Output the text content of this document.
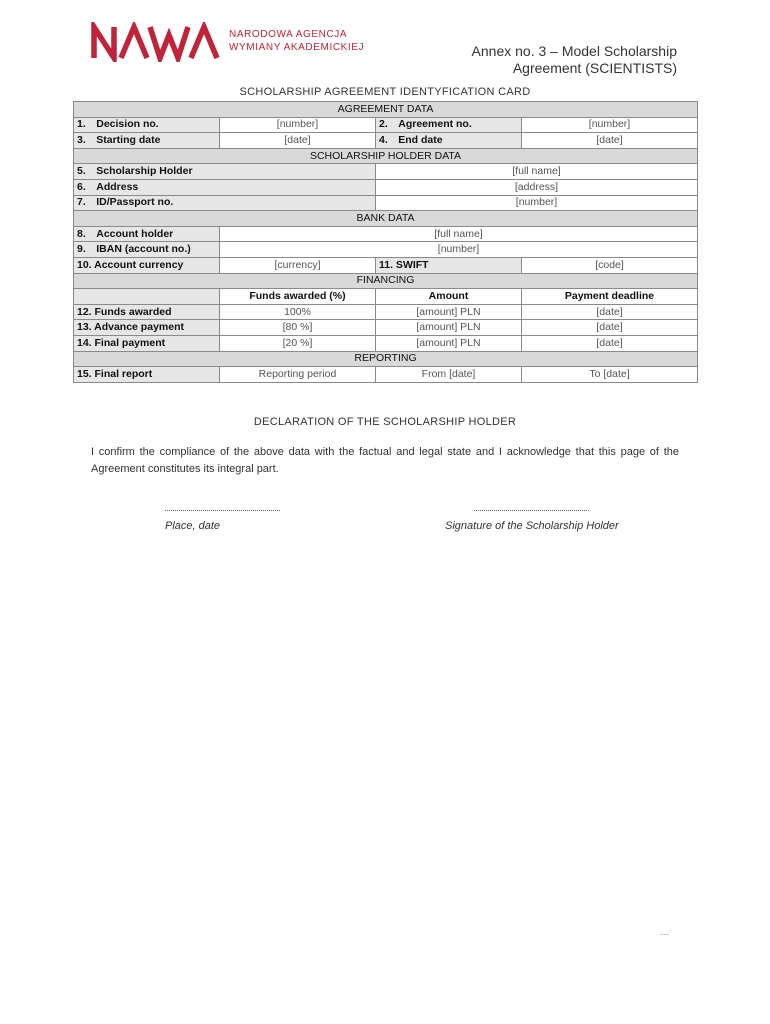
NARODOWA AGENCJA
WYMIANY AKADEMICKIEJ	Annex no. 3 – Model Scholarship
Agreement (SCIENTISTS)
SCHOLARSHIP AGREEMENT IDENTYFICATION CARD
AGREEMENT DATA			
1. Decision no.	[number]	2. Agreement no.	[number]
3. Starting date	[date]	4. End date	[date]
SCHOLARSHIP HOLDER DATA			
5. Scholarship Holder		[full name]	
6. Address		[address]	
7. ID/Passport no.		[number]	
BANK DATA			
8. Account holder	[full name]		
9. IBAN (account no.)	[number]		
10. Account currency	[currency]	11. SWIFT	[code]
FINANCING			
	Funds awarded (%)	Amount	Payment deadline
12. Funds awarded	100%	[amount] PLN	[date]
13. Advance payment	[80 %]	[amount] PLN	[date]
14. Final payment	[20 %]	[amount] PLN	[date]
REPORTING			
15. Final report	Reporting period	From [date]	To [date]
DECLARATION OF THE SCHOLARSHIP HOLDER
I confirm the compliance of the above data with the factual and legal state and I acknowledge that this page of the Agreement constitutes its integral part.
Place, date	Signature of the Scholarship Holder
__·
